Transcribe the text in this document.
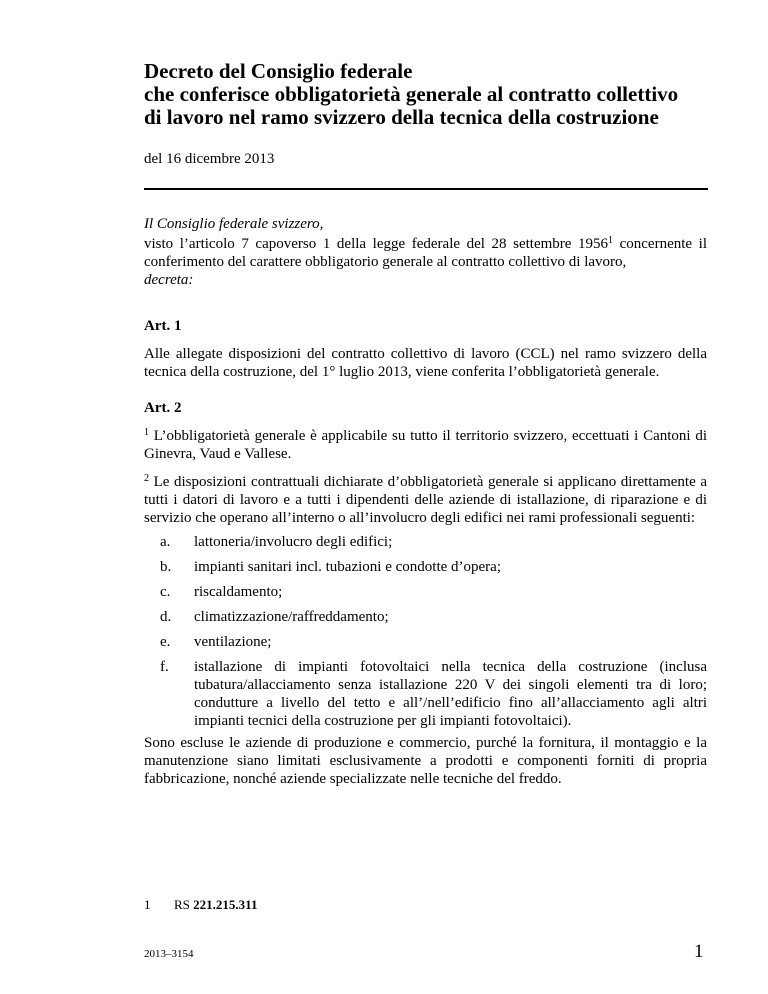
Decreto del Consiglio federale
che conferisce obbligatorietà generale al contratto collettivo
di lavoro nel ramo svizzero della tecnica della costruzione

del 16 dicembre 2013

Il Consiglio federale svizzero,

visto l’articolo 7 capoverso 1 della legge federale del 28 settembre 1956$^1$ concernente il conferimento del carattere obbligatorio generale al contratto collettivo di lavoro,

decreta:

Art. 1

Alle allegate disposizioni del contratto collettivo di lavoro (CCL) nel ramo svizzero della tecnica della costruzione, del 1° luglio 2013, viene conferita l’obbligatorietà generale.

Art. 2

$^1$ L’obbligatorietà generale è applicabile su tutto il territorio svizzero, eccettuati i Cantoni di Ginevra, Vaud e Vallese.

$^2$ Le disposizioni contrattuali dichiarate d’obbligatorietà generale si applicano direttamente a tutti i datori di lavoro e a tutti i dipendenti delle aziende di istallazione, di riparazione e di servizio che operano all’interno o all’involucro degli edifici nei rami professionali seguenti:

a.	lattoneria/involucro degli edifici;
b.	impianti sanitari incl. tubazioni e condotte d’opera;
c.	riscaldamento;
d.	climatizzazione/raffreddamento;
e.	ventilazione;
f.	istallazione di impianti fotovoltaici nella tecnica della costruzione (inclusa tubatura/allacciamento senza istallazione 220 V dei singoli elementi tra di loro; condutture a livello del tetto e all’/nell’edificio fino all’allacciamento agli altri impianti tecnici della costruzione per gli impianti fotovoltaici).

Sono escluse le aziende di produzione e commercio, purché la fornitura, il montaggio e la manutenzione siano limitati esclusivamente a prodotti e componenti forniti di propria fabbricazione, nonché aziende specializzate nelle tecniche del freddo.

1	RS 221.215.311
2013–3154	1
